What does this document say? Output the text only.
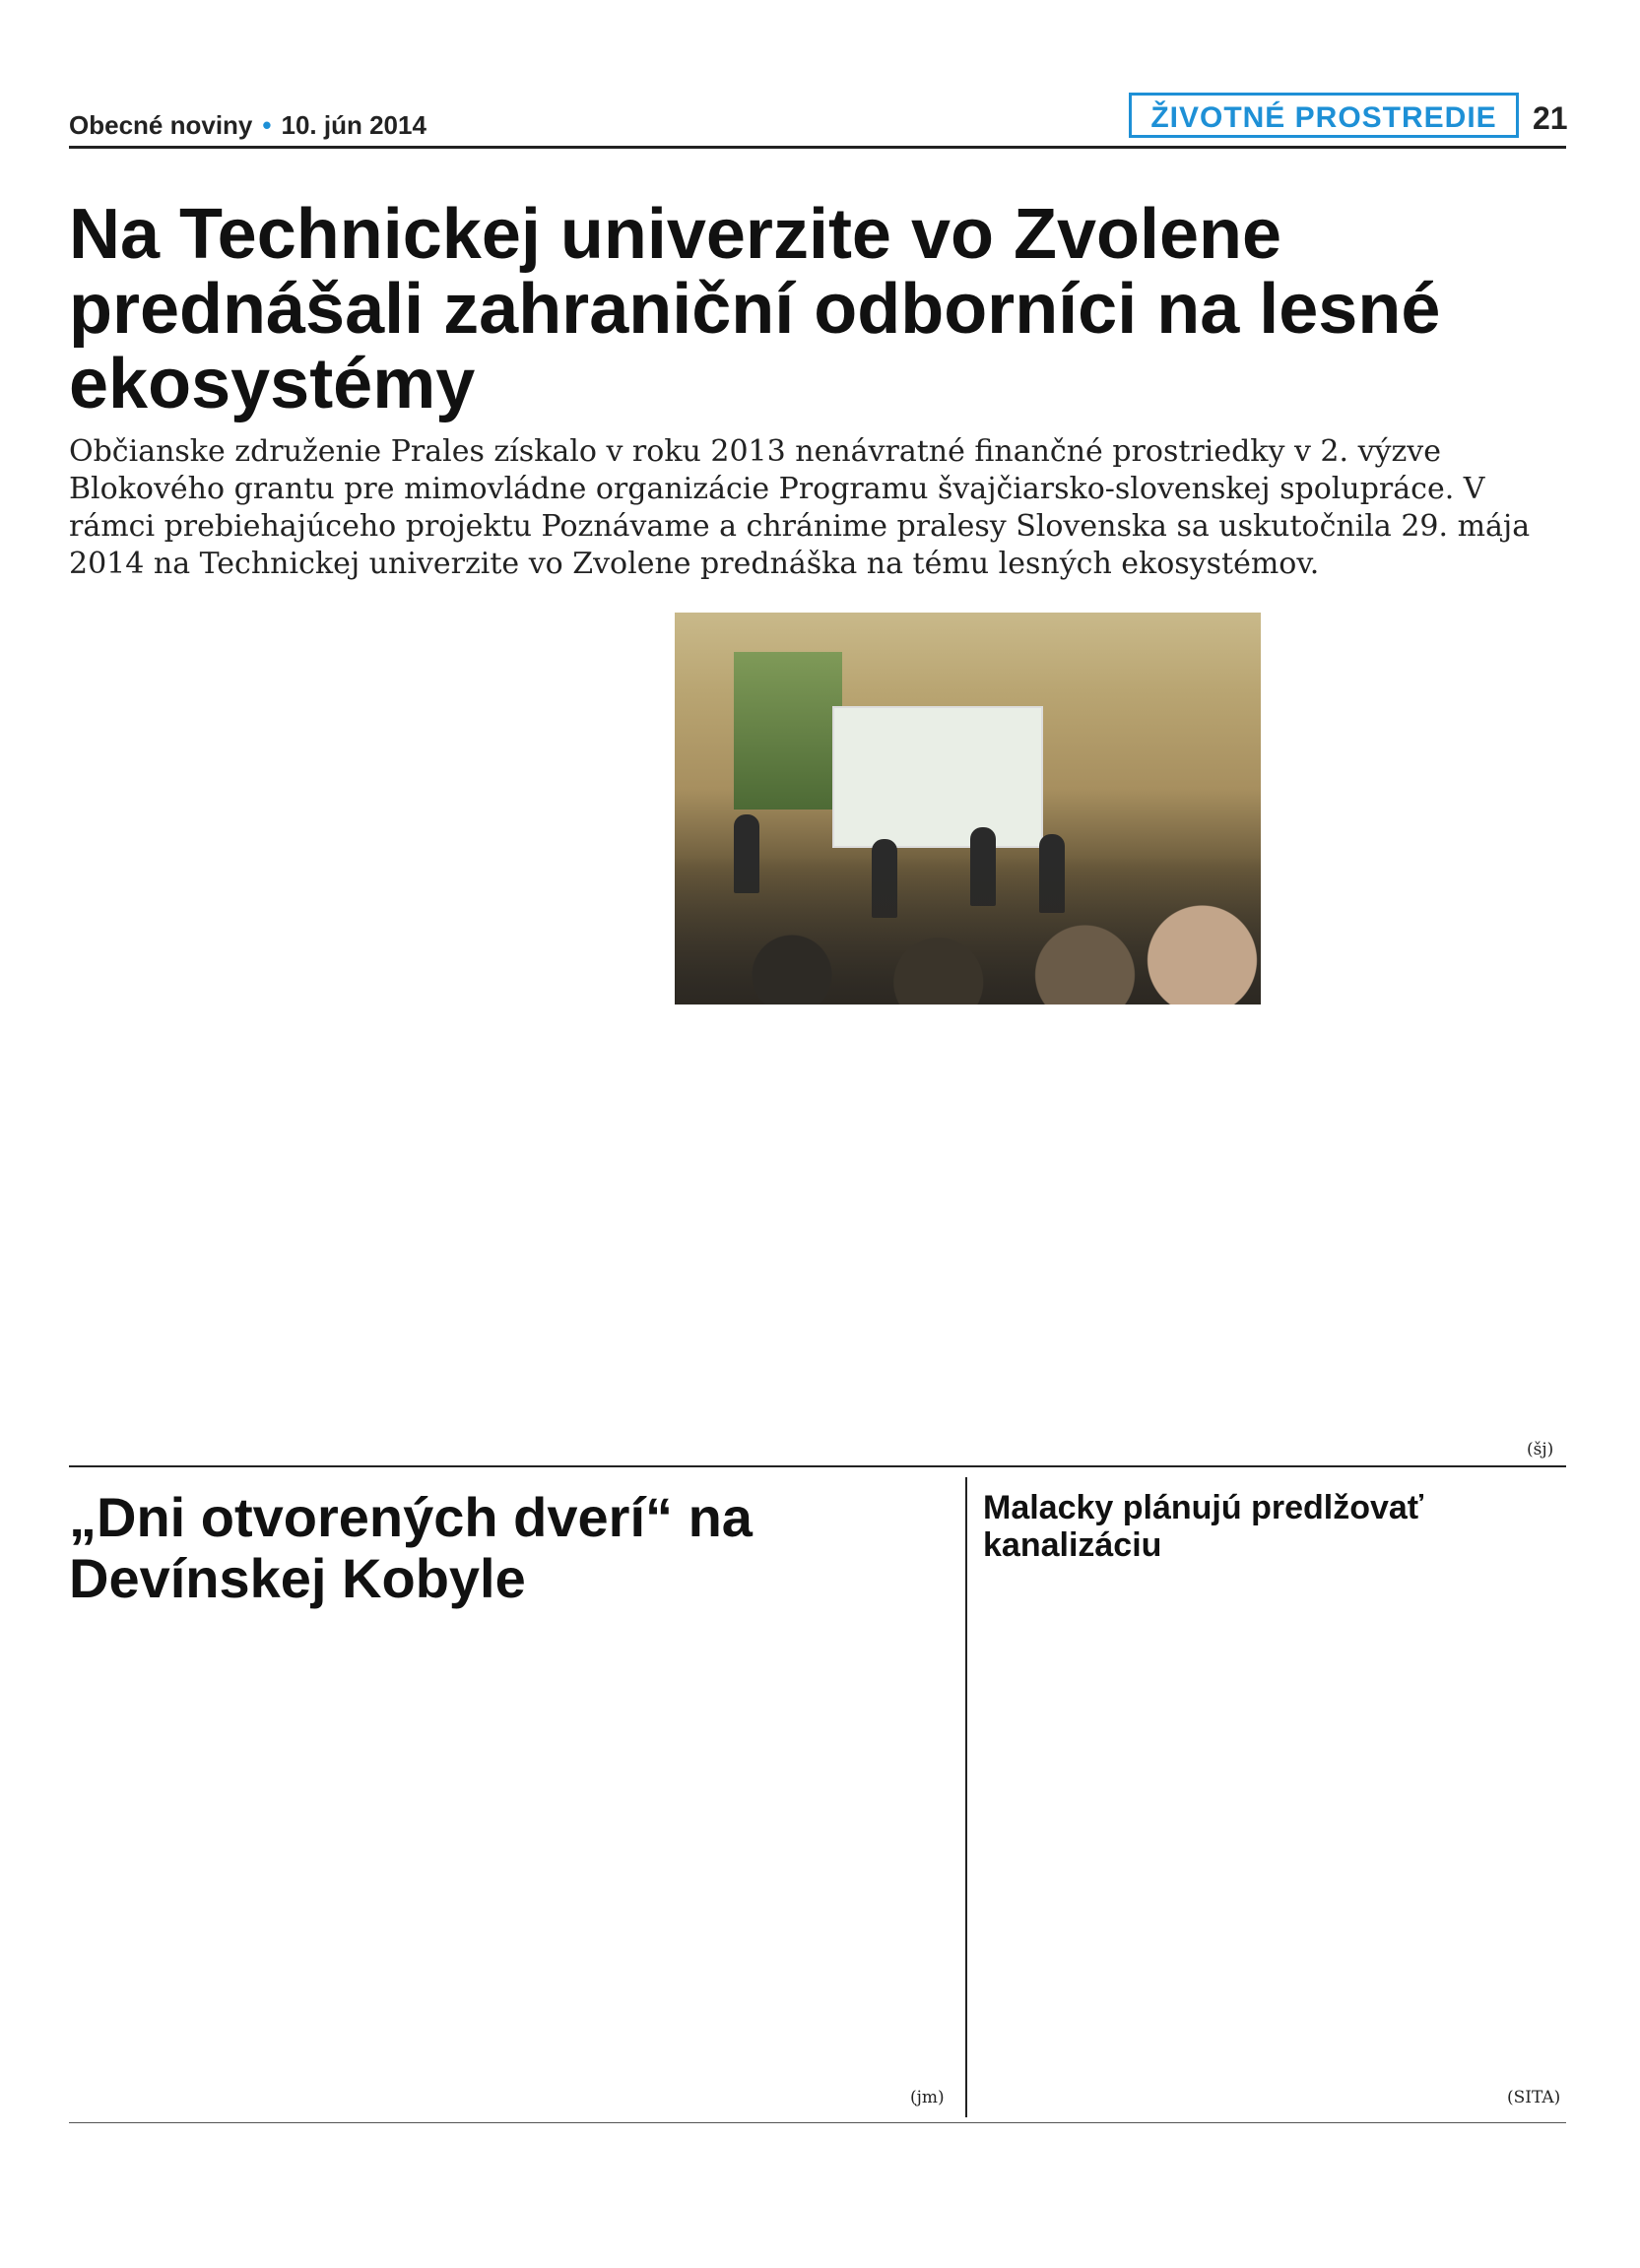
Obecné noviny • 10. jún 2014	ŽIVOTNÉ PROSTREDIE	21
Na Technickej univerzite vo Zvolene prednášali zahraniční odborníci na lesné ekosystémy
Občianske združenie Prales získalo v roku 2013 nenávratné finančné prostriedky v 2. výzve Blokového grantu pre mimovládne organizácie Programu švajčiarsko-slovenskej spolupráce. V rámci prebiehajúceho projektu Poznávame a chránime pralesy Slovenska sa uskutočnila 29. mája 2014 na Technickej univerzite vo Zvolene prednáška na tému lesných ekosystémov.

(šj)
„Dni otvorených dverí“ na Devínskej Kobyle

(jm)
Malacky plánujú predlžovať kanalizáciu

(SITA)
